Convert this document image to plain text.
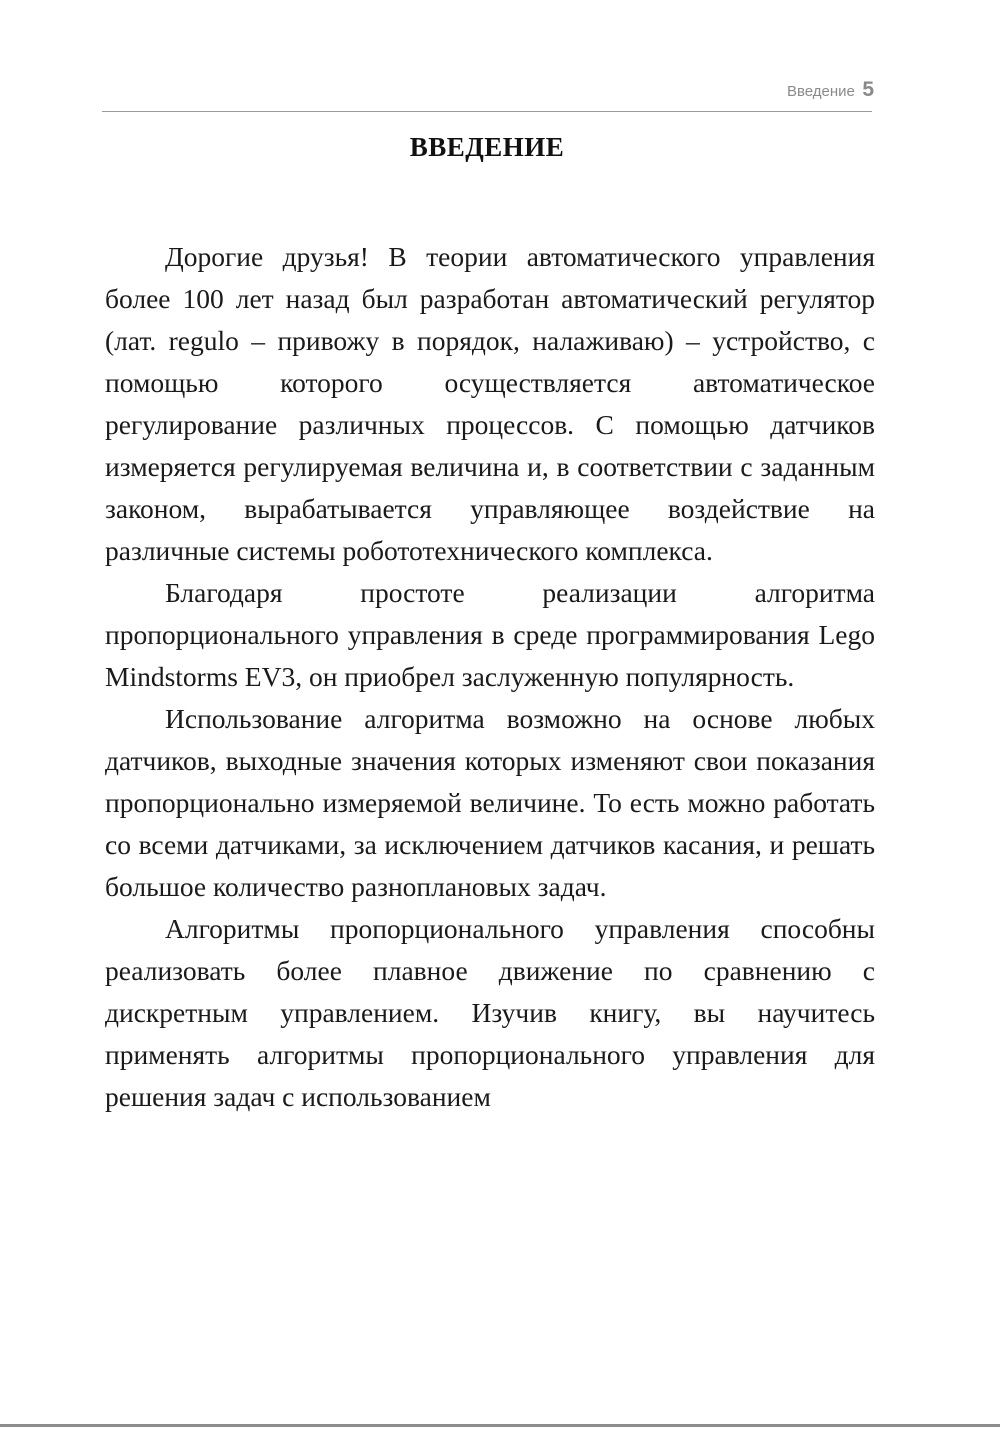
Введение 5
ВВЕДЕНИЕ

Дорогие друзья! В теории автоматического управления более 100 лет назад был разработан автоматический регулятор (лат. regulo – привожу в порядок, налаживаю) – устройство, с помощью которого осуществляется автоматическое регулирование различных процессов. С помощью датчиков измеряется регулируемая величина и, в соответствии с заданным законом, вырабатывается управляющее воздействие на различные системы робототехнического комплекса.

Благодаря простоте реализации алгоритма пропорционального управления в среде программирования Lego Mindstorms EV3, он приобрел заслуженную популярность.

Использование алгоритма возможно на основе любых датчиков, выходные значения которых изменяют свои показания пропорционально измеряемой величине. То есть можно работать со всеми датчиками, за исключением датчиков касания, и решать большое количество разноплановых задач.

Алгоритмы пропорционального управления способны реализовать более плавное движение по сравнению с дискретным управлением. Изучив книгу, вы научитесь применять алгоритмы пропорционального управления для решения задач с использованием
